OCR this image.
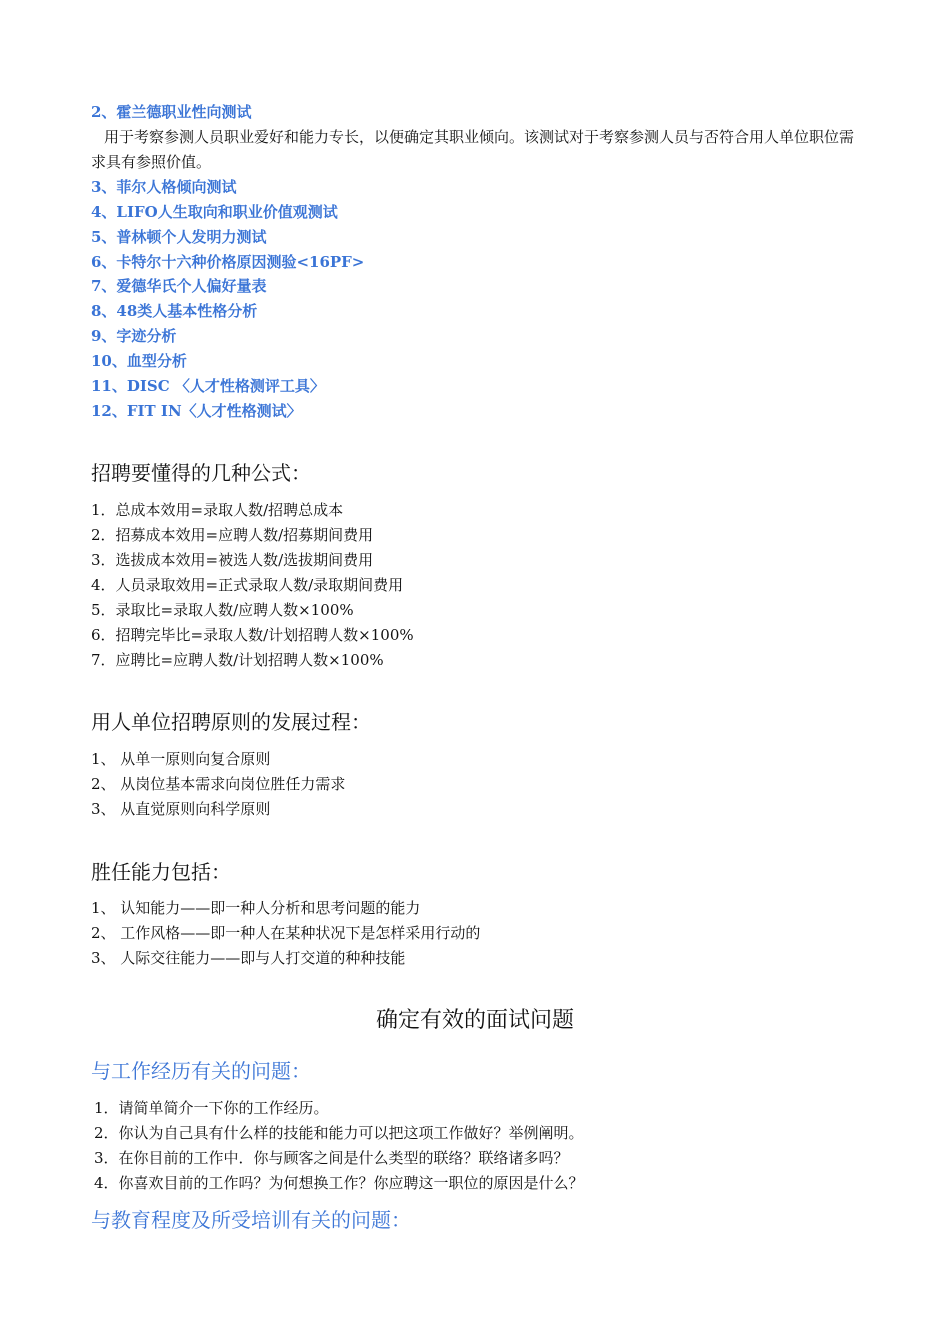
2、霍兰德职业性向测试
用于考察参测人员职业爱好和能力专长，以便确定其职业倾向。该测试对于考察参测人员与否符合用人单位职位需求具有参照价值。
3、菲尔人格倾向测试
4、LIFO人生取向和职业价值观测试
5、普林顿个人发明力测试
6、卡特尔十六种价格原因测验<16PF>
7、爱德华氏个人偏好量表
8、48类人基本性格分析
9、字迹分析
10、血型分析
11、DISC 〈人才性格测评工具〉
12、FIT IN〈人才性格测试〉
招聘要懂得的几种公式：
1．总成本效用=录取人数/招聘总成本
2．招募成本效用=应聘人数/招募期间费用
3．选拔成本效用=被选人数/选拔期间费用
4．人员录取效用=正式录取人数/录取期间费用
5．录取比=录取人数/应聘人数×100%
6．招聘完毕比=录取人数/计划招聘人数×100%
7．应聘比=应聘人数/计划招聘人数×100%
用人单位招聘原则的发展过程：
1、 从单一原则向复合原则
2、 从岗位基本需求向岗位胜任力需求
3、 从直觉原则向科学原则
胜任能力包括：
1、 认知能力——即一种人分析和思考问题的能力
2、 工作风格——即一种人在某种状况下是怎样采用行动的
3、 人际交往能力——即与人打交道的种种技能
确定有效的面试问题
与工作经历有关的问题：
1．请简单简介一下你的工作经历。
2．你认为自己具有什么样的技能和能力可以把这项工作做好？举例阐明。
3．在你目前的工作中．你与顾客之间是什么类型的联络？联络诸多吗？
4．你喜欢目前的工作吗？为何想换工作？你应聘这一职位的原因是什么？
与教育程度及所受培训有关的问题：
